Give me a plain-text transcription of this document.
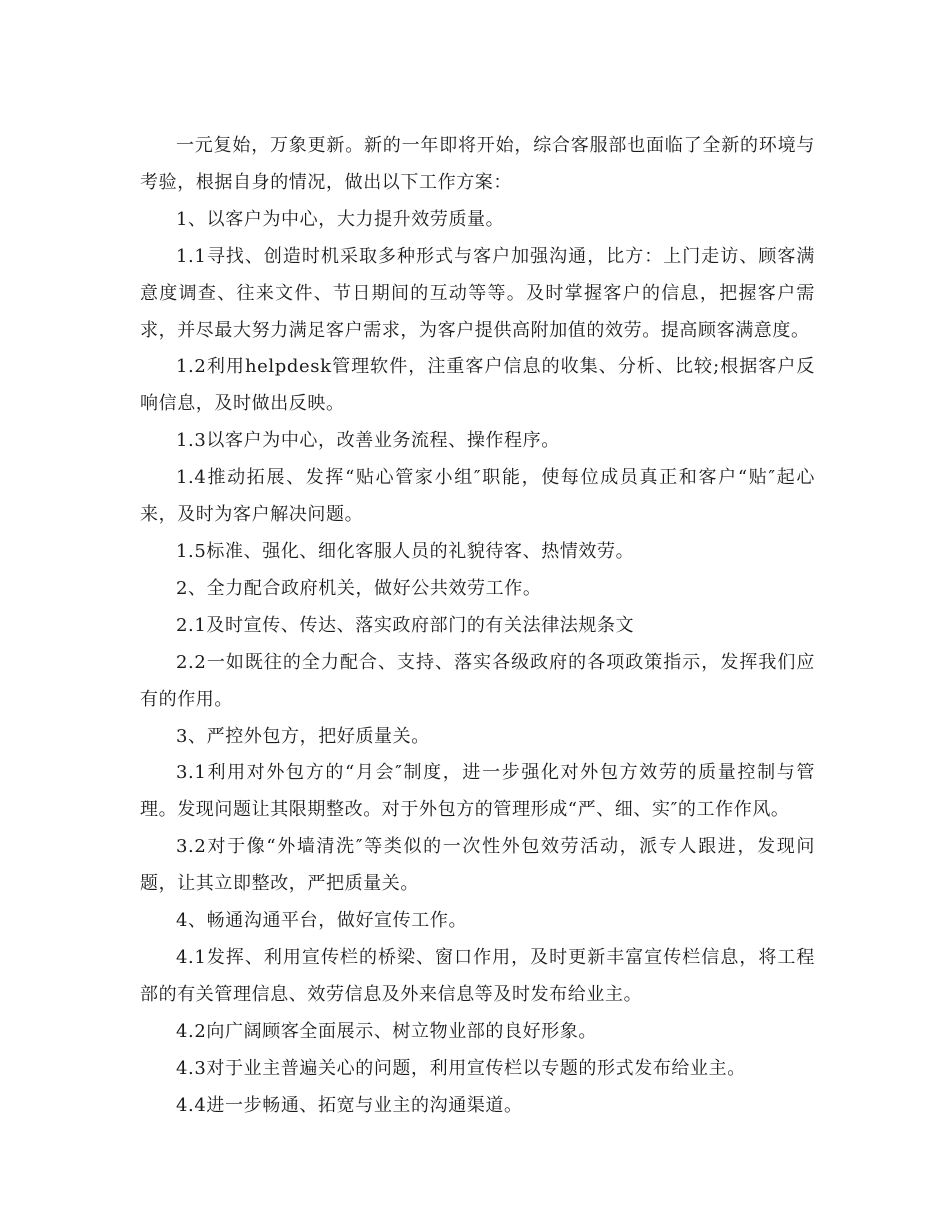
一元复始，万象更新。新的一年即将开始，综合客服部也面临了全新的环境与考验，根据自身的情况，做出以下工作方案：

1、以客户为中心，大力提升效劳质量。

1.1寻找、创造时机采取多种形式与客户加强沟通，比方：上门走访、顾客满意度调查、往来文件、节日期间的互动等等。及时掌握客户的信息，把握客户需求，并尽最大努力满足客户需求，为客户提供高附加值的效劳。提高顾客满意度。

1.2利用helpdesk管理软件，注重客户信息的收集、分析、比较;根据客户反响信息，及时做出反映。

1.3以客户为中心，改善业务流程、操作程序。

1.4推动拓展、发挥“贴心管家小组″职能，使每位成员真正和客户“贴″起心来，及时为客户解决问题。

1.5标准、强化、细化客服人员的礼貌待客、热情效劳。

2、全力配合政府机关，做好公共效劳工作。

2.1及时宣传、传达、落实政府部门的有关法律法规条文

2.2一如既往的全力配合、支持、落实各级政府的各项政策指示，发挥我们应有的作用。

3、严控外包方，把好质量关。

3.1利用对外包方的“月会″制度，进一步强化对外包方效劳的质量控制与管理。发现问题让其限期整改。对于外包方的管理形成“严、细、实″的工作作风。

3.2对于像“外墙清洗″等类似的一次性外包效劳活动，派专人跟进，发现问题，让其立即整改，严把质量关。

4、畅通沟通平台，做好宣传工作。

4.1发挥、利用宣传栏的桥梁、窗口作用，及时更新丰富宣传栏信息，将工程部的有关管理信息、效劳信息及外来信息等及时发布给业主。

4.2向广阔顾客全面展示、树立物业部的良好形象。

4.3对于业主普遍关心的问题，利用宣传栏以专题的形式发布给业主。

4.4进一步畅通、拓宽与业主的沟通渠道。
